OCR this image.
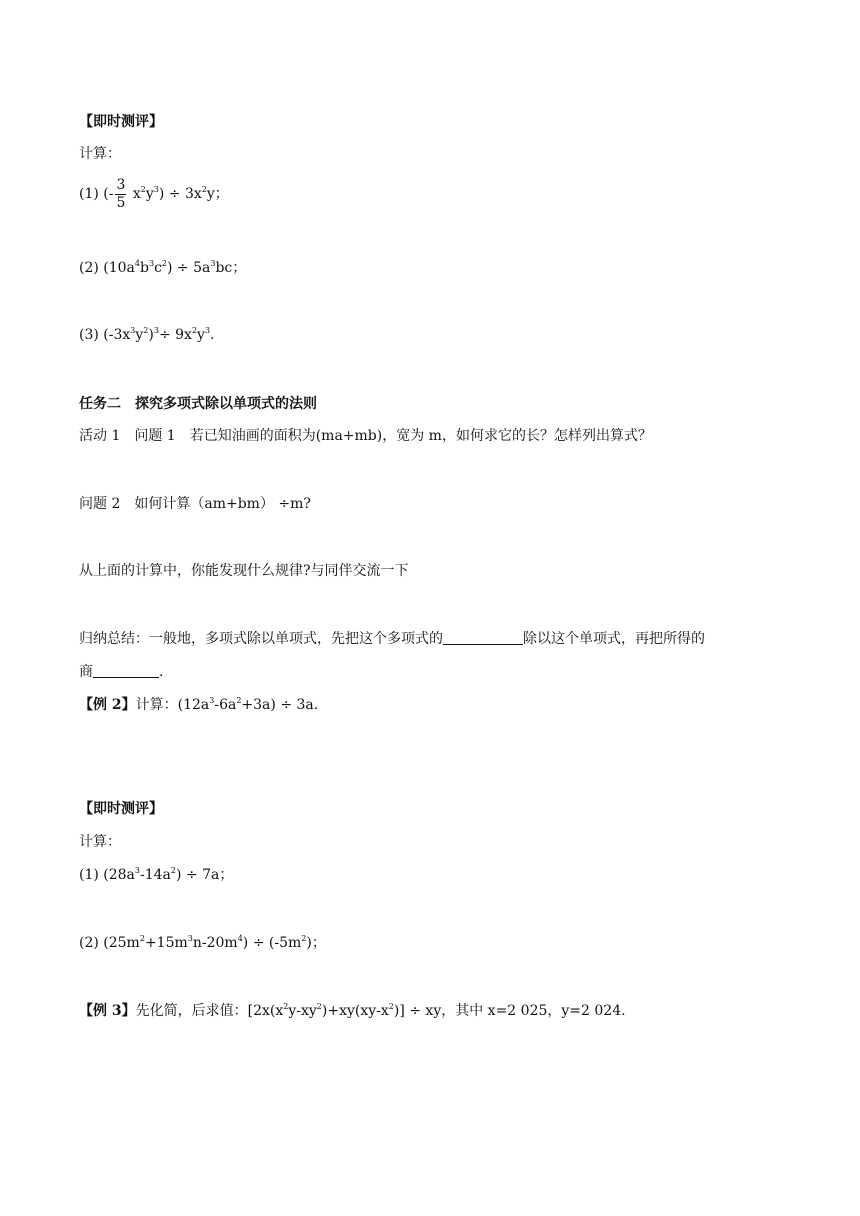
【即时测评】
计算：
(1) (- $\frac{3}{5} x^2y^3) \div 3x^2y$；
(2) $(10a^4b^3c^2) \div 5a^3bc$；
(3) $(-3x^3y^2)^3\div 9x^2y^3$.
任务二　探究多项式除以单项式的法则
活动 1　问题 1　若已知油画的面积为(ma+mb)，宽为 m，如何求它的长？怎样列出算式？
问题 2　如何计算（am+bm） ÷m?
从上面的计算中，你能发现什么规律?与同伴交流一下
归纳总结：一般地，多项式除以单项式，先把这个多项式的	除以这个单项式，再把所得的
商	.
【例 2】计算：$(12a^3-6a^2+3a) \div 3a$.
【即时测评】
计算：
(1) $(28a^3-14a^2) \div 7a$；
(2) $(25m^2+15m^3n-20m^4) \div (-5m^2)$；
【例 3】先化简，后求值：$[2x(x^2y-xy^2)+xy(xy-x^2)]$ ÷ xy，其中 x=2 025，y=2 024.
